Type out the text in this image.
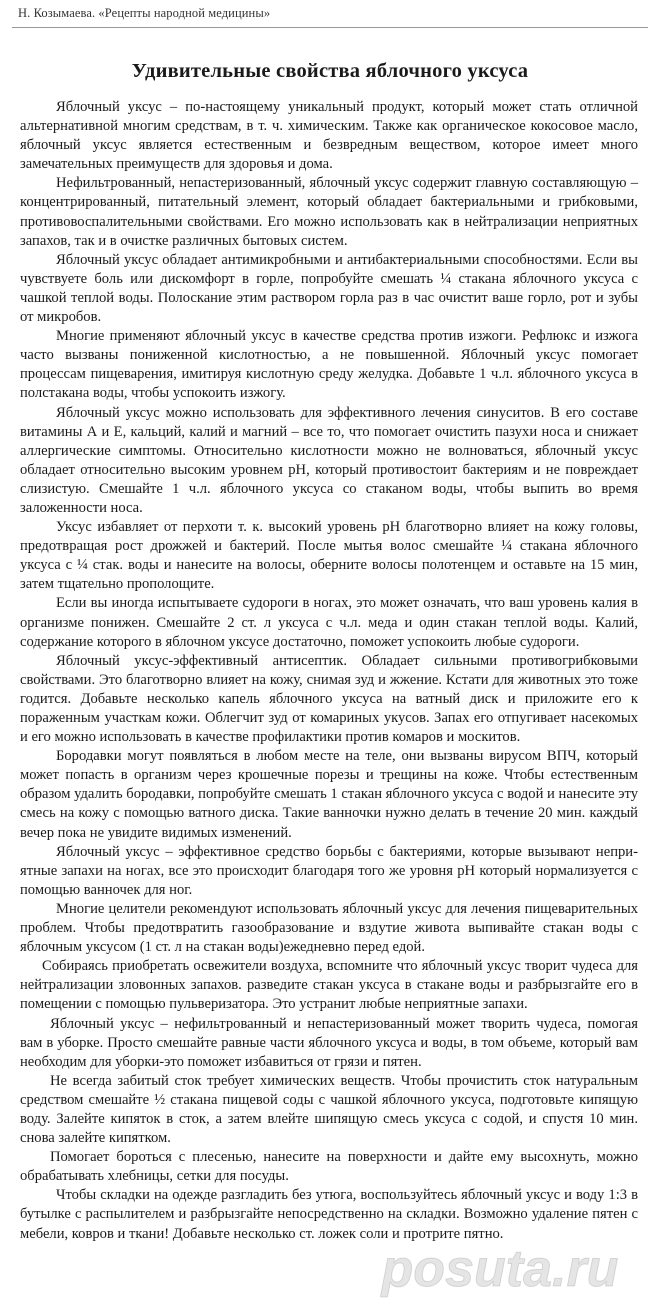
Н. Козымаева. «Рецепты народной медицины»
Удивительные свойства яблочного уксуса

Яблочный уксус – по-настоящему уникальный продукт, который может стать отличной альтернативной многим средствам, в т. ч. химическим. Также как органическое кокосовое масло, яблочный уксус является естественным и безвредным веществом, которое имеет много замечательных преимуществ для здоровья и дома.

Нефильтрованный, непастеризованный, яблочный уксус содержит главную составляющую – концентрированный, питательный элемент, который обладает бактериальными и грибковыми, противовоспалительными свойствами. Его можно использовать как в нейтрализации неприятных запахов, так и в очистке различных бытовых систем.

Яблочный уксус обладает антимикробными и антибактериальными способностями. Если вы чувствуете боль или дискомфорт в горле, попробуйте смешать ¼ стакана яблочного уксуса с чашкой теплой воды. Полоскание этим раствором горла раз в час очистит ваше горло, рот и зубы от микробов.

Многие применяют яблочный уксус в качестве средства против изжоги. Рефлюкс и изжога часто вызваны пониженной кислотностью, а не повышенной. Яблочный уксус помогает процессам пищеварения, имитируя кислотную среду желудка. Добавьте 1 ч.л. яблочного уксуса в полстакана воды, чтобы успокоить изжогу.

Яблочный уксус можно использовать для эффективного лечения синуситов. В его составе витамины А и Е, кальций, калий и магний – все то, что помогает очистить пазухи носа и снижает аллергические симптомы. Относительно кислотности можно не волноваться, яблочный уксус обладает относительно высоким уровнем рН, который противостоит бактериям и не повреждает слизистую. Смешайте 1 ч.л. яблочного уксуса со стаканом воды, чтобы выпить во время заложенности носа.

Уксус избавляет от перхоти т. к. высокий уровень pH благотворно влияет на кожу головы, предотвращая рост дрожжей и бактерий. После мытья волос смешайте ¼ стакана яблочного уксуса с ¼ стак. воды и нанесите на волосы, оберните волосы полотенцем и оставьте на 15 мин, затем тщательно прополощите.

Если вы иногда испытываете судороги в ногах, это может означать, что ваш уровень калия в организме понижен. Смешайте 2 ст. л уксуса с ч.л. меда и один стакан теплой воды. Калий, содержание которого в яблочном уксусе достаточно, поможет успокоить любые судороги.

Яблочный уксус-эффективный антисептик. Обладает сильными противогрибковыми свойствами. Это благотворно влияет на кожу, снимая зуд и жжение. Кстати для животных это тоже годится. Добавьте несколько капель яблочного уксуса на ватный диск и приложите его к пораженным участкам кожи. Облегчит зуд от комариных укусов. Запах его отпугивает насекомых и его можно использовать в качестве профилактики против комаров и москитов.

Бородавки могут появляться в любом месте на теле, они вызваны вирусом ВПЧ, который может попасть в организм через крошечные порезы и трещины на коже. Чтобы естественным образом удалить бородавки, попробуйте смешать 1 стакан яблочного уксуса с водой и нанесите эту смесь на кожу с помощью ватного диска. Такие ванночки нужно делать в течение 20 мин. каждый вечер пока не увидите видимых изменений.

Яблочный уксус – эффективное средство борьбы с бактериями, которые вызывают неприятные запахи на ногах, все это происходит благодаря того же уровня pH который нормализуется с помощью ванночек для ног.

Многие целители рекомендуют использовать яблочный уксус для лечения пищеварительных проблем. Чтобы предотвратить газообразование и вздутие живота выпивайте стакан воды с яблочным уксусом (1 ст. л на стакан воды)ежедневно перед едой.

Собираясь приобретать освежители воздуха, вспомните что яблочный уксус творит чудеса для нейтрализации зловонных запахов. разведите стакан уксуса в стакане воды и разбрызгайте его в помещении с помощью пульверизатора. Это устранит любые неприятные запахи.

Яблочный уксус – нефильтрованный и непастеризованный может творить чудеса, помогая вам в уборке. Просто смешайте равные части яблочного уксуса и воды, в том объеме, который вам необходим для уборки-это поможет избавиться от грязи и пятен.

Не всегда забитый сток требует химических веществ. Чтобы прочистить сток натуральным средством смешайте ½ стакана пищевой соды с чашкой яблочного уксуса, подготовьте кипящую воду. Залейте кипяток в сток, а затем влейте шипящую смесь уксуса с содой, и спустя 10 мин. снова залейте кипятком.

Помогает бороться с плесенью, нанесите на поверхности и дайте ему высохнуть, можно обрабатывать хлебницы, сетки для посуды.

Чтобы складки на одежде разгладить без утюга, воспользуйтесь яблочный уксус и воду 1:3 в бутылке с распылителем и разбрызгайте непосредственно на складки. Возможно удаление пятен с мебели, ковров и ткани! Добавьте несколько ст. ложек соли и протрите пятно.

posuta.ru
